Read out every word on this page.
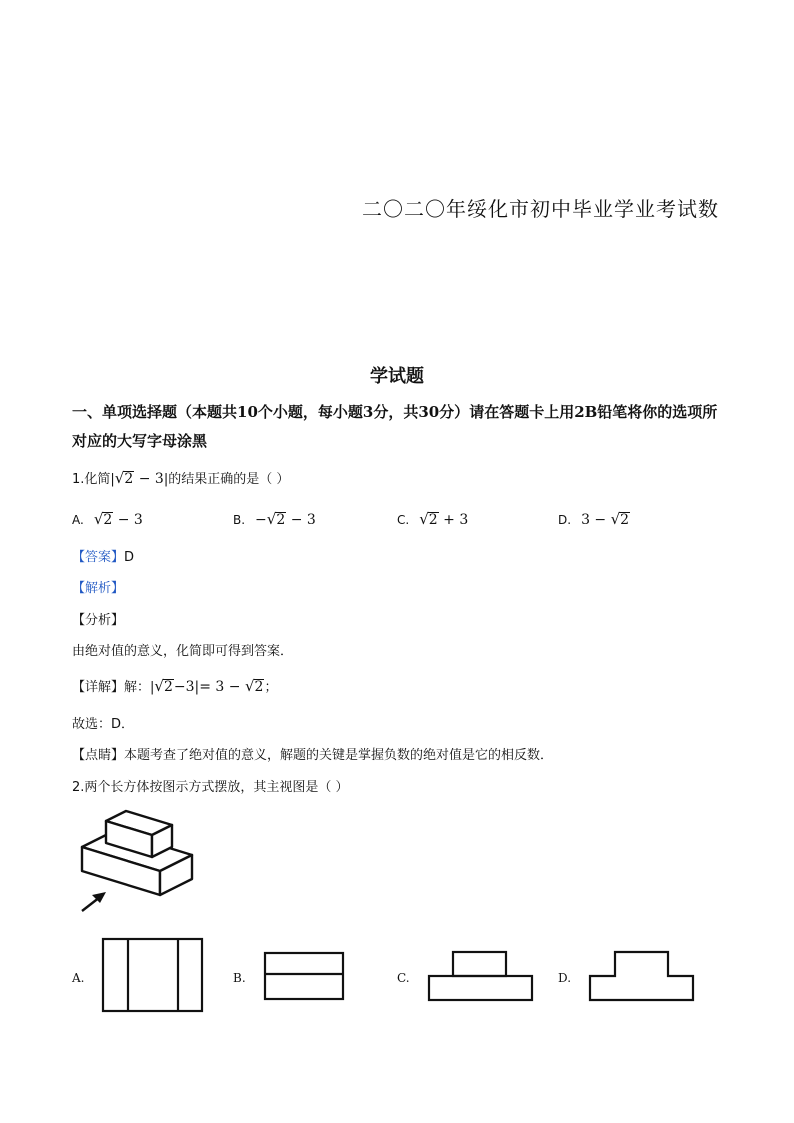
二〇二〇年绥化市初中毕业学业考试数
学试题
一、单项选择题（本题共10个小题，每小题3分，共30分）请在答题卡上用2B铅笔将你的选项所对应的大写字母涂黑
1.化简|√2 − 3|的结果正确的是（ ）
A. √2 − 3	B. −√2 − 3	C. √2 + 3	D. 3 − √2
【答案】D
【解析】
【分析】
由绝对值的意义，化简即可得到答案．
【详解】解：|√2−3|= 3 − √2；
故选：D．
【点睛】本题考查了绝对值的意义，解题的关键是掌握负数的绝对值是它的相反数．
2.两个长方体按图示方式摆放，其主视图是（ ）
A.	B.	C.	D.
